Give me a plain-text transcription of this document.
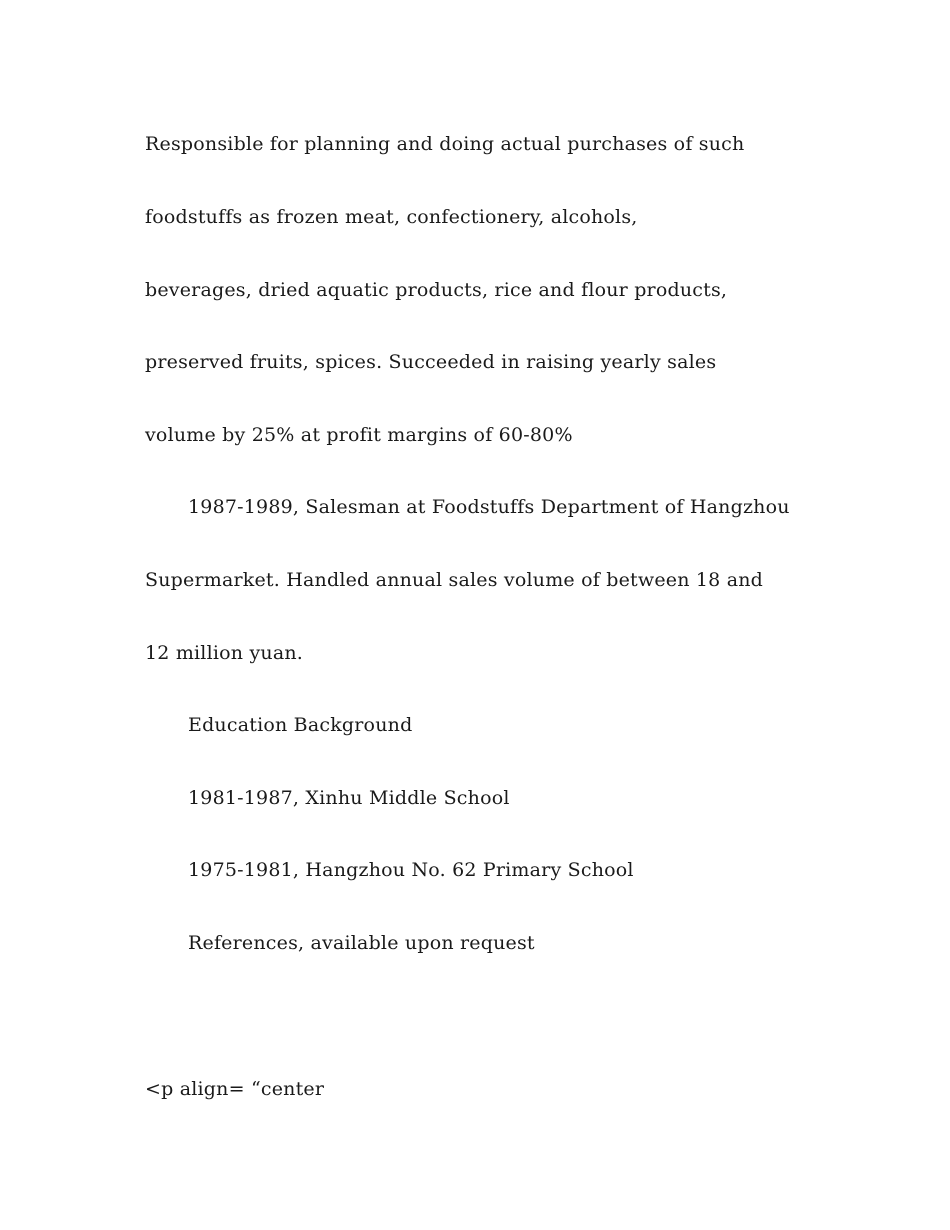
Responsible for planning and doing actual purchases of such
foodstuffs as frozen meat, confectionery, alcohols,
beverages, dried aquatic products, rice and flour products,
preserved fruits, spices. Succeeded in raising yearly sales
volume by 25% at profit margins of 60-80%
1987-1989, Salesman at Foodstuffs Department of Hangzhou
Supermarket. Handled annual sales volume of between 18 and
12 million yuan.
Education Background
1981-1987, Xinhu Middle School
1975-1981, Hangzhou No. 62 Primary School
References, available upon request
<p align= “center
